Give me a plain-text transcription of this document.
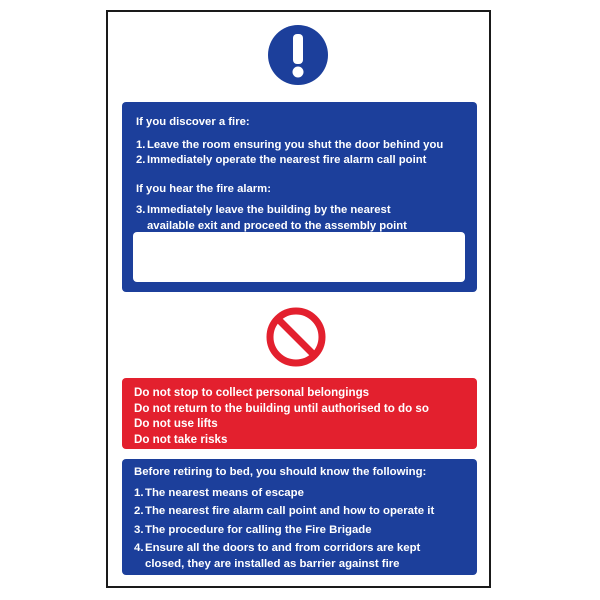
If you discover a fire:
1. Leave the room ensuring you shut the door behind you
2. Immediately operate the nearest fire alarm call point
If you hear the fire alarm:
3. Immediately leave the building by the nearest
available exit and proceed to the assembly point
Do not stop to collect personal belongings
Do not return to the building until authorised to do so
Do not use lifts
Do not take risks
Before retiring to bed, you should know the following:
1. The nearest means of escape
2. The nearest fire alarm call point and how to operate it
3. The procedure for calling the Fire Brigade
4. Ensure all the doors to and from corridors are kept
closed, they are installed as barrier against fire
